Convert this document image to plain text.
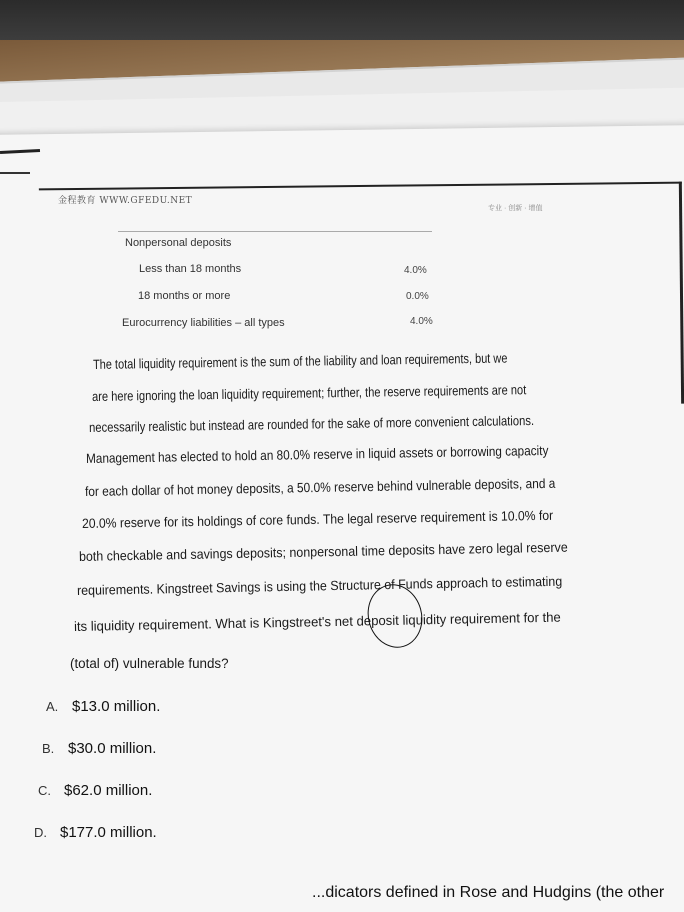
金程教育 WWW.GFEDU.NET
专业 · 创新 · 增值
Nonpersonal deposits
Less than 18 months	4.0%
18 months or more	0.0%
Eurocurrency liabilities – all types	4.0%
The total liquidity requirement is the sum of the liability and loan requirements, but we
are here ignoring the loan liquidity requirement; further, the reserve requirements are not
necessarily realistic but instead are rounded for the sake of more convenient calculations.
Management has elected to hold an 80.0% reserve in liquid assets or borrowing capacity
for each dollar of hot money deposits, a 50.0% reserve behind vulnerable deposits, and a
20.0% reserve for its holdings of core funds. The legal reserve requirement is 10.0% for
both checkable and savings deposits; nonpersonal time deposits have zero legal reserve
requirements. Kingstreet Savings is using the Structure of Funds approach to estimating
its liquidity requirement. What is Kingstreet's net deposit liquidity requirement for the
(total of) vulnerable funds?
A. $13.0 million.
B. $30.0 million.
C. $62.0 million.
D. $177.0 million.
...dicators defined in Rose and Hudgins (the other
